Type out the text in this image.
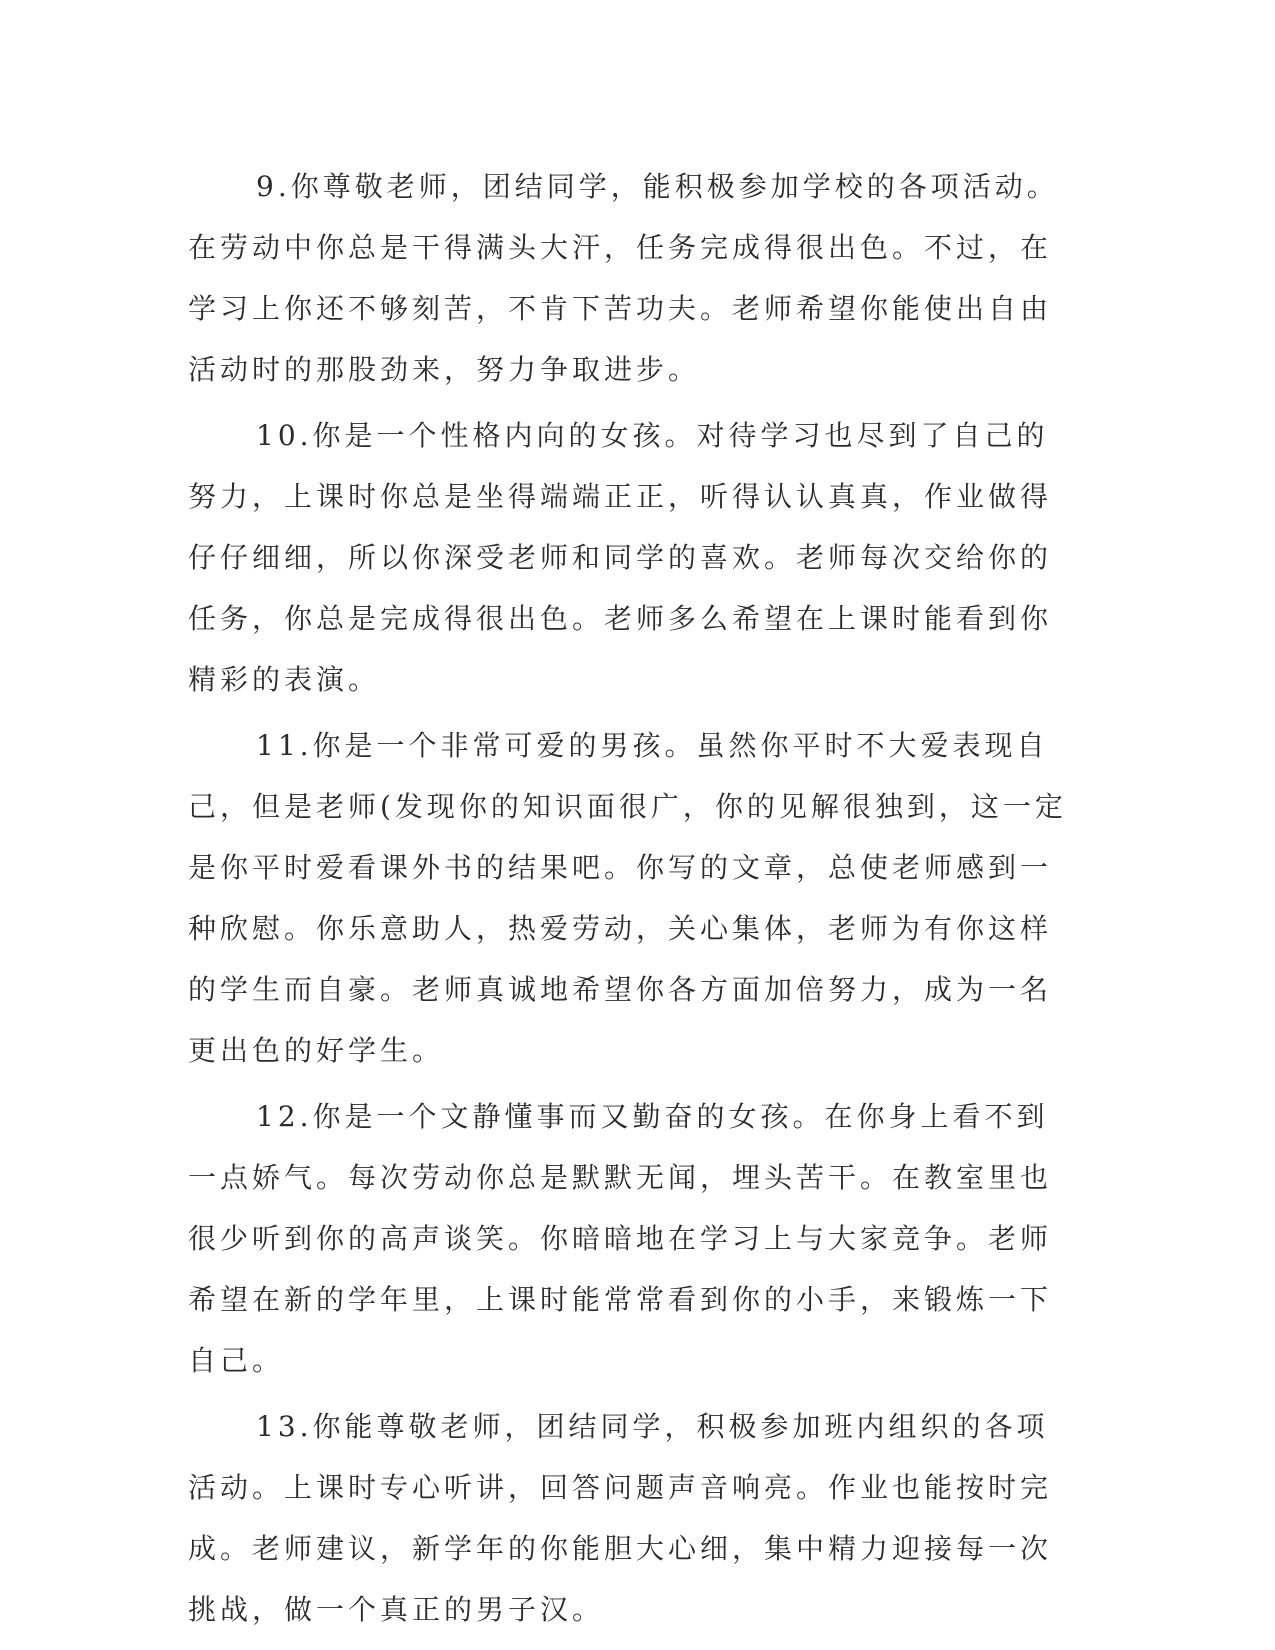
9.你尊敬老师，团结同学，能积极参加学校的各项活动。在劳动中你总是干得满头大汗，任务完成得很出色。不过，在学习上你还不够刻苦，不肯下苦功夫。老师希望你能使出自由活动时的那股劲来，努力争取进步。

10.你是一个性格内向的女孩。对待学习也尽到了自己的努力，上课时你总是坐得端端正正，听得认认真真，作业做得仔仔细细，所以你深受老师和同学的喜欢。老师每次交给你的任务，你总是完成得很出色。老师多么希望在上课时能看到你精彩的表演。

11.你是一个非常可爱的男孩。虽然你平时不大爱表现自己，但是老师(发现你的知识面很广，你的见解很独到，这一定是你平时爱看课外书的结果吧。你写的文章，总使老师感到一种欣慰。你乐意助人，热爱劳动，关心集体，老师为有你这样的学生而自豪。老师真诚地希望你各方面加倍努力，成为一名更出色的好学生。

12.你是一个文静懂事而又勤奋的女孩。在你身上看不到一点娇气。每次劳动你总是默默无闻，埋头苦干。在教室里也很少听到你的高声谈笑。你暗暗地在学习上与大家竞争。老师希望在新的学年里，上课时能常常看到你的小手，来锻炼一下自己。

13.你能尊敬老师，团结同学，积极参加班内组织的各项活动。上课时专心听讲，回答问题声音响亮。作业也能按时完成。老师建议，新学年的你能胆大心细，集中精力迎接每一次挑战，做一个真正的男子汉。
